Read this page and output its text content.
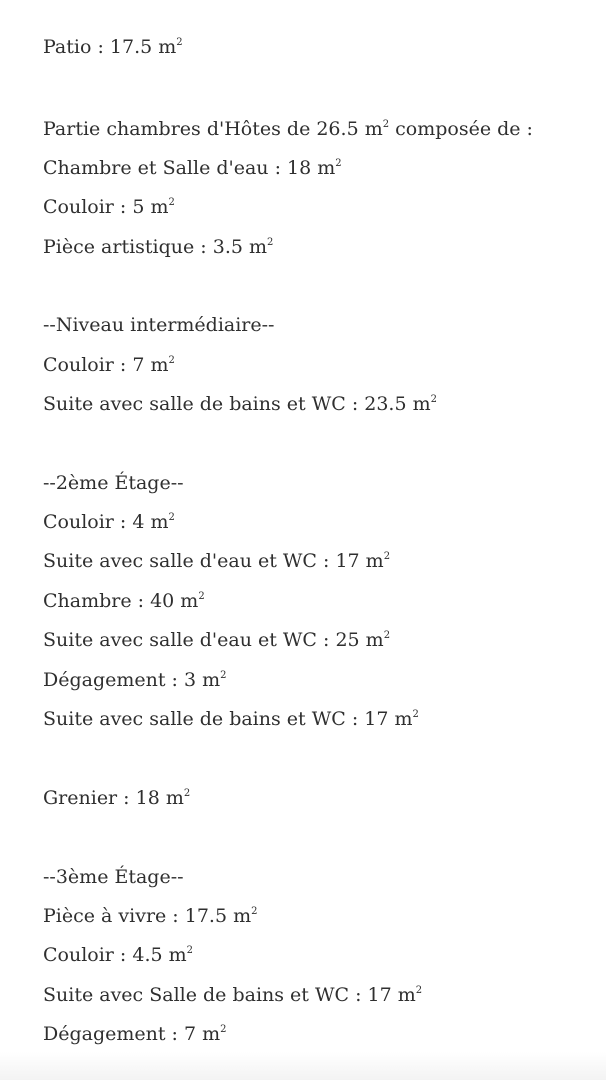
Patio : 17.5 $m^2$
Partie chambres d'Hôtes de 26.5 $m^2$ composée de :
Chambre et Salle d'eau : 18 $m^2$
Couloir : 5 $m^2$
Pièce artistique : 3.5 $m^2$
--Niveau intermédiaire--
Couloir : 7 $m^2$
Suite avec salle de bains et WC : 23.5 $m^2$
--2ème Étage--
Couloir : 4 $m^2$
Suite avec salle d'eau et WC : 17 $m^2$
Chambre : 40 $m^2$
Suite avec salle d'eau et WC : 25 $m^2$
Dégagement : 3 $m^2$
Suite avec salle de bains et WC : 17 $m^2$
Grenier : 18 $m^2$
--3ème Étage--
Pièce à vivre : 17.5 $m^2$
Couloir : 4.5 $m^2$
Suite avec Salle de bains et WC : 17 $m^2$
Dégagement : 7 $m^2$
